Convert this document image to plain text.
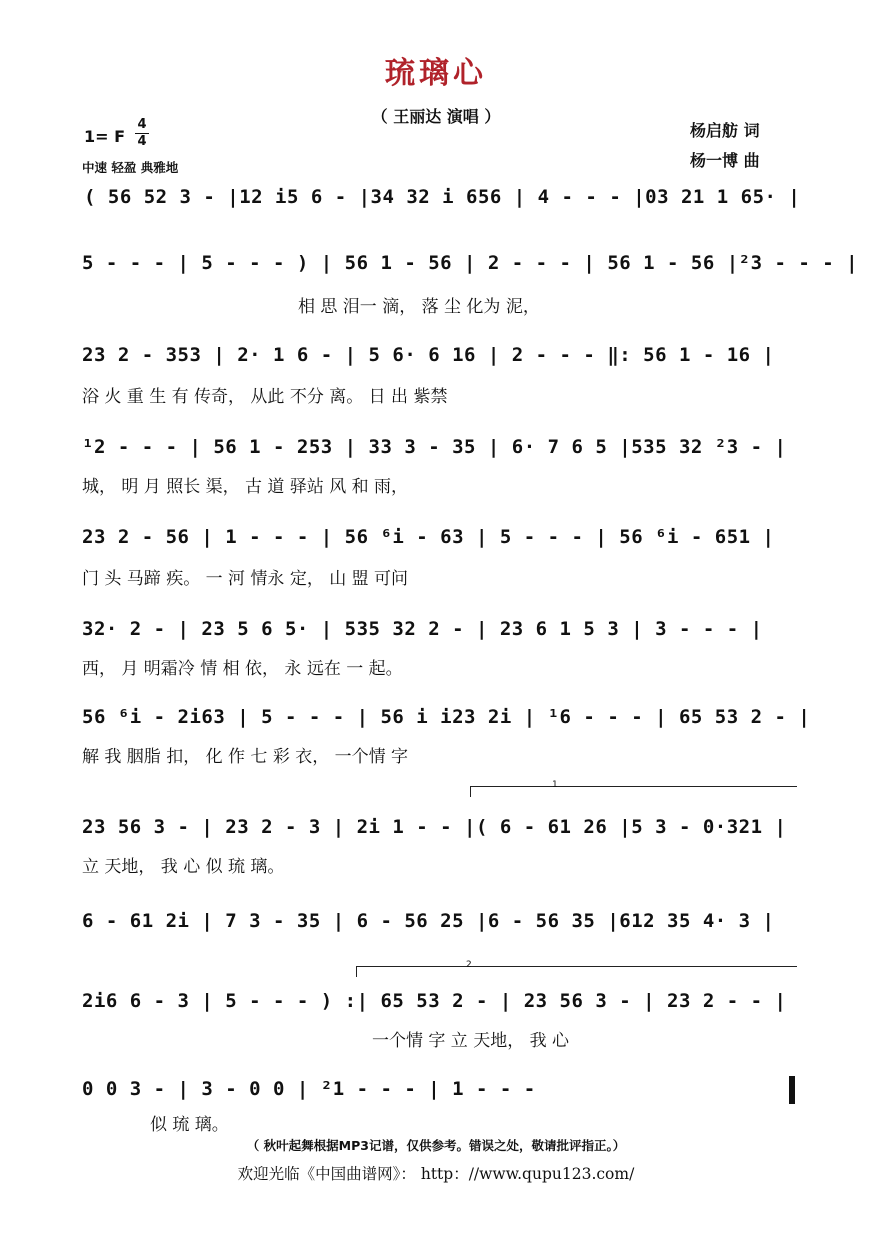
琉璃心
（ 王丽达 演唱 ）
杨启舫 词
杨一博 曲
1= F
4
4
中速 轻盈 典雅地
( 56 52 3 - |12 i5 6 - |34 32 i 656 | 4 - - - |03 21 1 65· |
5 - - - | 5 - - - ) | 56 1 - 56 | 2 - - - | 56 1 - 56 |²3 - - - |
相 思 泪一 滴， 落 尘 化为 泥，
23 2 - 353 | 2· 1 6 - | 5 6· 6 16 | 2 - - - ‖: 56 1 - 16 |
浴 火 重 生 有 传奇， 从此 不分 离。 日 出 紫禁
¹2 - - - | 56 1 - 253 | 33 3 - 35 | 6· 7 6 5 |535 32 ²3 - |
城， 明 月 照长 渠， 古 道 驿站 风 和 雨，
23 2 - 56 | 1 - - - | 56 ⁶i - 63 | 5 - - - | 56 ⁶i - 651 |
门 头 马蹄 疾。 一 河 情永 定， 山 盟 可问
32· 2 - | 23 5 6 5· | 535 32 2 - | 23 6 1 5 3 | 3 - - - |
西， 月 明霜冷 情 相 依， 永 远在 一 起。
56 ⁶i - 2i63 | 5 - - - | 56 i i23 2i | ¹6 - - - | 65 53 2 - |
解 我 胭脂 扣， 化 作 七 彩 衣， 一个情 字
1
23 56 3 - | 23 2 - 3 | 2i 1 - - |( 6 - 61 26 |5 3 - 0·321 |
立 天地， 我 心 似 琉 璃。
6 - 61 2i | 7 3 - 35 | 6 - 56 25 |6 - 56 35 |612 35 4· 3 |
2
2i6 6 - 3 | 5 - - - ) :| 65 53 2 - | 23 56 3 - | 23 2 - - |
一个情 字 立 天地， 我 心
0 0 3 - | 3 - 0 0 | ²1 - - - | 1 - - -
似 琉 璃。
（ 秋叶起舞根据MP3记谱，仅供参考。错误之处，敬请批评指正。）
欢迎光临《中国曲谱网》： http：//www.qupu123.com/
